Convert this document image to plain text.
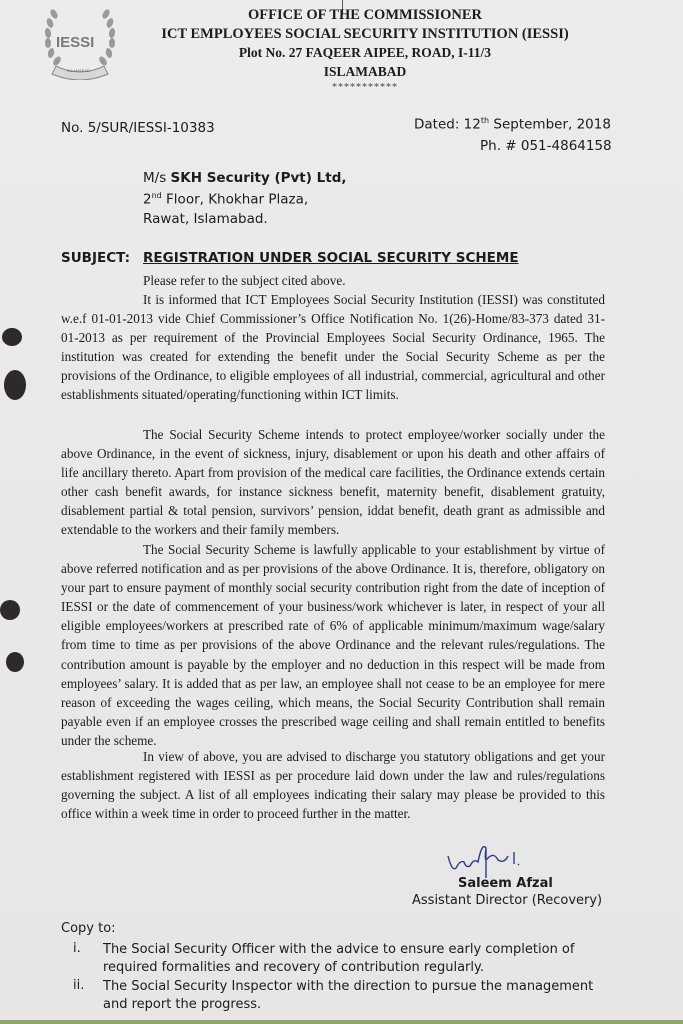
IESSI
ISLAMABAD
OFFICE OF THE COMMISSIONER
ICT EMPLOYEES SOCIAL SECURITY INSTITUTION (IESSI)
Plot No. 27 FAQEER AIPEE, ROAD, I-11/3
ISLAMABAD
***********
No. 5/SUR/IESSI-10383	Dated: 12th September, 2018
Ph. # 051-4864158
M/s SKH Security (Pvt) Ltd,
2nd Floor, Khokhar Plaza,
Rawat, Islamabad.
SUBJECT: REGISTRATION UNDER SOCIAL SECURITY SCHEME
Please refer to the subject cited above.
It is informed that ICT Employees Social Security Institution (IESSI) was constituted w.e.f 01-01-2013 vide Chief Commissioner’s Office Notification No. 1(26)-Home/83-373 dated 31-01-2013 as per requirement of the Provincial Employees Social Security Ordinance, 1965. The institution was created for extending the benefit under the Social Security Scheme as per the provisions of the Ordinance, to eligible employees of all industrial, commercial, agricultural and other establishments situated/operating/functioning within ICT limits.
The Social Security Scheme intends to protect employee/worker socially under the above Ordinance, in the event of sickness, injury, disablement or upon his death and other affairs of life ancillary thereto. Apart from provision of the medical care facilities, the Ordinance extends certain other cash benefit awards, for instance sickness benefit, maternity benefit, disablement gratuity, disablement partial & total pension, survivors’ pension, iddat benefit, death grant as admissible and extendable to the workers and their family members.
The Social Security Scheme is lawfully applicable to your establishment by virtue of above referred notification and as per provisions of the above Ordinance. It is, therefore, obligatory on your part to ensure payment of monthly social security contribution right from the date of inception of IESSI or the date of commencement of your business/work whichever is later, in respect of your all eligible employees/workers at prescribed rate of 6% of applicable minimum/maximum wage/salary from time to time as per provisions of the above Ordinance and the relevant rules/regulations. The contribution amount is payable by the employer and no deduction in this respect will be made from employees’ salary. It is added that as per law, an employee shall not cease to be an employee for mere reason of exceeding the wages ceiling, which means, the Social Security Contribution shall remain payable even if an employee crosses the prescribed wage ceiling and shall remain entitled to benefits under the scheme.
In view of above, you are advised to discharge you statutory obligations and get your establishment registered with IESSI as per procedure laid down under the law and rules/regulations governing the subject. A list of all employees indicating their salary may please be provided to this office within a week time in order to proceed further in the matter.
Saleem Afzal
Assistant Director (Recovery)
Copy to:
i. The Social Security Officer with the advice to ensure early completion of required formalities and recovery of contribution regularly.
ii. The Social Security Inspector with the direction to pursue the management and report the progress.
